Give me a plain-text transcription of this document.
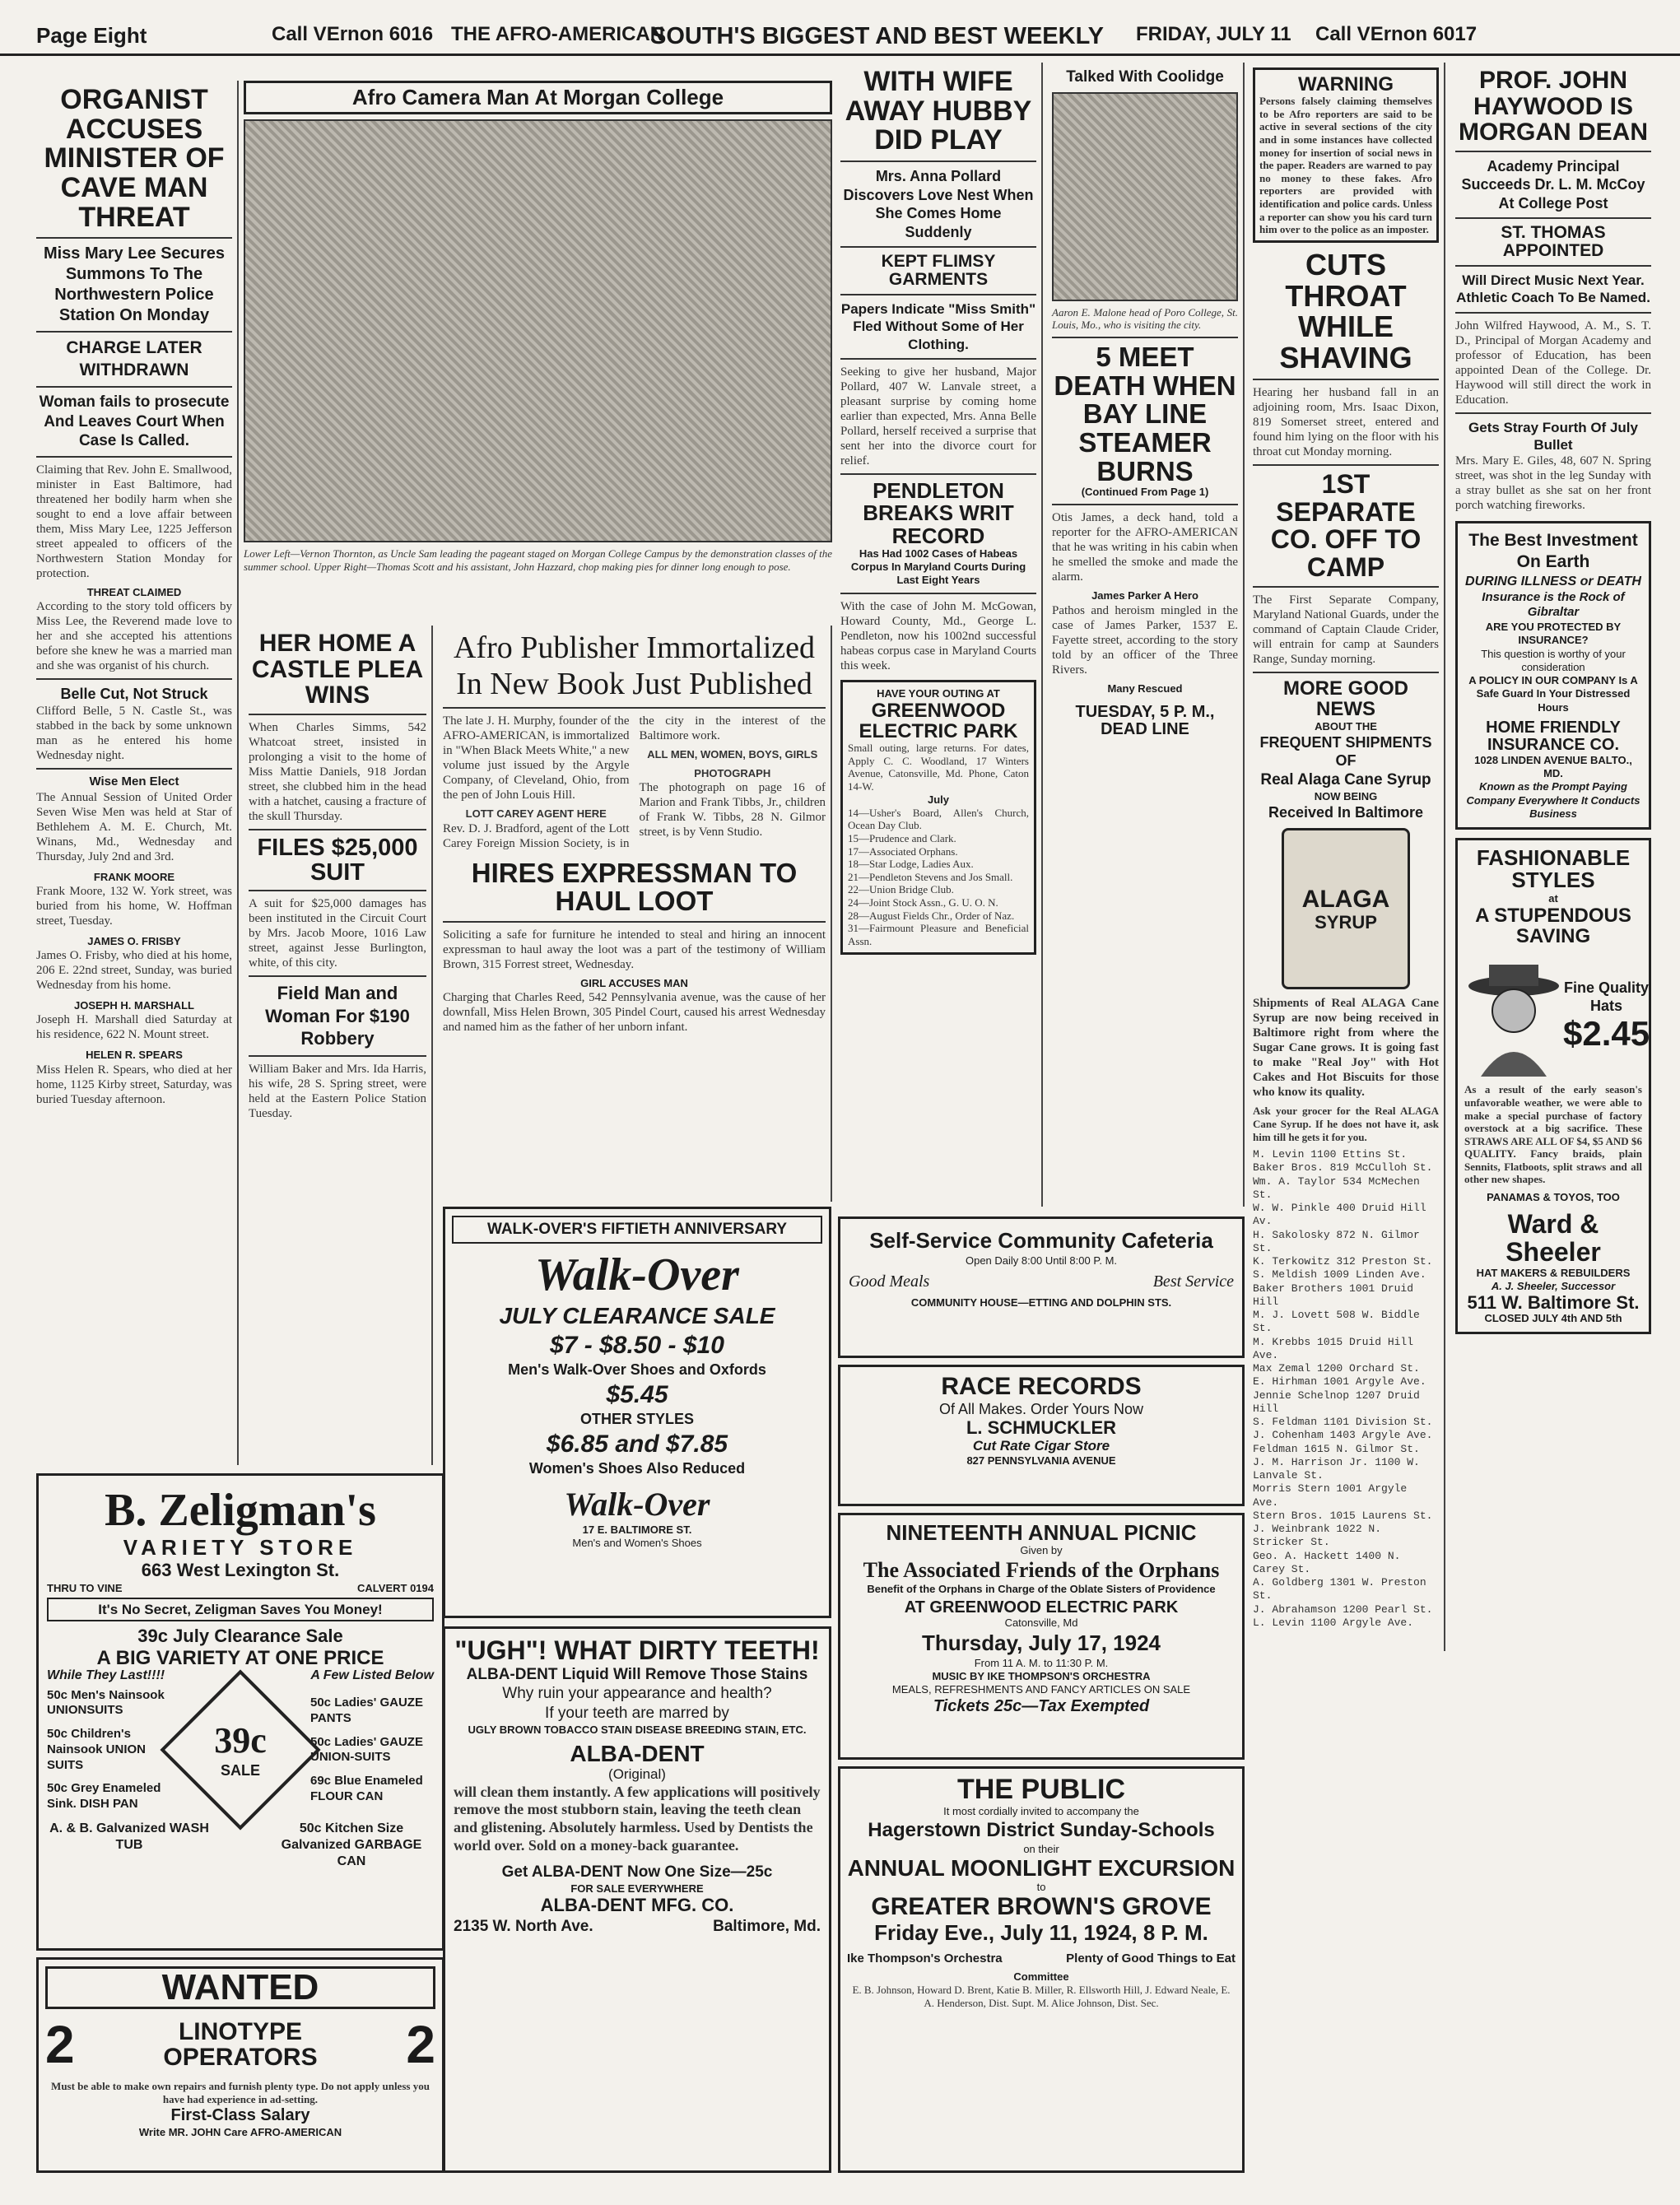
Page Eight	Call VErnon 6016 THE AFRO-AMERICAN
SOUTH'S BIGGEST AND BEST WEEKLY FRIDAY, JULY 11 Call VErnon 6017
ORGANIST ACCUSES MINISTER OF CAVE MAN THREAT
Miss Mary Lee Secures Summons To The Northwestern Police Station On Monday
CHARGE LATER WITHDRAWN
Woman fails to prosecute And Leaves Court When Case Is Called.
Claiming that Rev. John E. Smallwood, minister in East Baltimore, had threatened her bodily harm when she sought to end a love affair between them, Miss Mary Lee, 1225 Jefferson street appealed to officers of the Northwestern Station Monday for protection.
THREAT CLAIMED
According to the story told officers by Miss Lee, the Reverend made love to her and she accepted his attentions before she knew he was a married man and she was organist of his church.
Belle Cut, Not Struck
Clifford Belle, 5 N. Castle St., was stabbed in the back by some unknown man as he entered his home Wednesday night.
Wise Men Elect
The Annual Session of United Order Seven Wise Men was held at Star of Bethlehem A. M. E. Church, Mt. Winans, Md., Wednesday and Thursday, July 2nd and 3rd.
FRANK MOORE
Frank Moore, 132 W. York street, was buried from his home, W. Hoffman street, Tuesday.
JAMES O. FRISBY
James O. Frisby, who died at his home, 206 E. 22nd street, Sunday, was buried Wednesday from his home.
JOSEPH H. MARSHALL
Joseph H. Marshall died Saturday at his residence, 622 N. Mount street.
HELEN R. SPEARS
Miss Helen R. Spears, who died at her home, 1125 Kirby street, Saturday, was buried Tuesday afternoon.
Afro Camera Man At Morgan College
Lower Left—Vernon Thornton, as Uncle Sam leading the pageant staged on Morgan College Campus by the demonstration classes of the summer school. Upper Right—Thomas Scott and his assistant, John Hazzard, chop making pies for dinner long enough to pose.
HER HOME A CASTLE PLEA WINS
When Charles Simms, 542 Whatcoat street, insisted in prolonging a visit to the home of Miss Mattie Daniels, 918 Jordan street, she clubbed him in the head with a hatchet, causing a fracture of the skull Thursday.
FILES $25,000 SUIT
A suit for $25,000 damages has been instituted in the Circuit Court by Mrs. Jacob Moore, 1016 Law street, against Jesse Burlington, white, of this city.
Field Man and Woman For $190 Robbery
William Baker and Mrs. Ida Harris, his wife, 28 S. Spring street, were held at the Eastern Police Station Tuesday.
Afro Publisher Immortalized In New Book Just Published
The late J. H. Murphy, founder of the AFRO-AMERICAN, is immortalized in "When Black Meets White," a new volume just issued by the Argyle Company, of Cleveland, Ohio, from the pen of John Louis Hill.
LOTT CAREY AGENT HERE
Rev. D. J. Bradford, agent of the Lott Carey Foreign Mission Society, is in the city in the interest of the Baltimore work.
ALL MEN, WOMEN, BOYS, GIRLS
PHOTOGRAPH
The photograph on page 16 of Marion and Frank Tibbs, Jr., children of Frank W. Tibbs, 28 N. Gilmor street, is by Venn Studio.
HIRES EXPRESSMAN TO HAUL LOOT
Soliciting a safe for furniture he intended to steal and hiring an innocent expressman to haul away the loot was a part of the testimony of William Brown, 315 Forrest street, Wednesday.
GIRL ACCUSES MAN
Charging that Charles Reed, 542 Pennsylvania avenue, was the cause of her downfall, Miss Helen Brown, 305 Pindel Court, caused his arrest Wednesday and named him as the father of her unborn infant.
WITH WIFE AWAY HUBBY DID PLAY
Mrs. Anna Pollard Discovers Love Nest When She Comes Home Suddenly
KEPT FLIMSY GARMENTS
Papers Indicate "Miss Smith" Fled Without Some of Her Clothing.
Seeking to give her husband, Major Pollard, 407 W. Lanvale street, a pleasant surprise by coming home earlier than expected, Mrs. Anna Belle Pollard, herself received a surprise that sent her into the divorce court for relief.
PENDLETON BREAKS WRIT RECORD
Has Had 1002 Cases of Habeas Corpus In Maryland Courts During Last Eight Years
With the case of John M. McGowan, Howard County, Md., George L. Pendleton, now his 1002nd successful habeas corpus case in Maryland Courts this week.
HAVE YOUR OUTING AT
GREENWOOD ELECTRIC PARK
Small outing, large returns. For dates, Apply C. C. Woodland, 17 Winters Avenue, Catonsville, Md. Phone, Caton 14-W.
July
14—Usher's Board, Allen's Church, Ocean Day Club.
15—Prudence and Clark.
17—Associated Orphans.
18—Star Lodge, Ladies Aux.
21—Pendleton Stevens and Jos Small.
22—Union Bridge Club.
24—Joint Stock Assn., G. U. O. N.
28—August Fields Chr., Order of Naz.
31—Fairmount Pleasure and Beneficial Assn.
Talked With Coolidge
Aaron E. Malone head of Poro College, St. Louis, Mo., who is visiting the city.
5 MEET DEATH WHEN BAY LINE STEAMER BURNS
(Continued From Page 1)
Otis James, a deck hand, told a reporter for the AFRO-AMERICAN that he was writing in his cabin when he smelled the smoke and made the alarm.
James Parker A Hero
Pathos and heroism mingled in the case of James Parker, 1537 E. Fayette street, according to the story told by an officer of the Three Rivers.
Many Rescued
TUESDAY, 5 P. M., DEAD LINE
WARNING
Persons falsely claiming themselves to be Afro reporters are said to be active in several sections of the city and in some instances have collected money for insertion of social news in the paper. Readers are warned to pay no money to these fakes. Afro reporters are provided with identification and police cards. Unless a reporter can show you his card turn him over to the police as an imposter.
CUTS THROAT WHILE SHAVING
Hearing her husband fall in an adjoining room, Mrs. Isaac Dixon, 819 Somerset street, entered and found him lying on the floor with his throat cut Monday morning.
1ST SEPARATE CO. OFF TO CAMP
The First Separate Company, Maryland National Guards, under the command of Captain Claude Crider, will entrain for camp at Saunders Range, Sunday morning.
MORE GOOD NEWS
ABOUT THE
FREQUENT SHIPMENTS OF
Real Alaga Cane Syrup
NOW BEING
Received In Baltimore
ALAGA
SYRUP
Shipments of Real ALAGA Cane Syrup are now being received in Baltimore right from where the Sugar Cane grows. It is going fast to make "Real Joy" with Hot Cakes and Hot Biscuits for those who know its quality.
Ask your grocer for the Real ALAGA Cane Syrup. If he does not have it, ask him till he gets it for you.
M. Levin 1100 Ettins St.
Baker Bros. 819 McCulloh St.
Wm. A. Taylor 534 McMechen St.
W. W. Pinkle 400 Druid Hill Av.
H. Sakolosky 872 N. Gilmor St.
K. Terkowitz 312 Preston St.
S. Meldish 1009 Linden Ave.
Baker Brothers 1001 Druid Hill
M. J. Lovett 508 W. Biddle St.
M. Krebbs 1015 Druid Hill Ave.
Max Zemal 1200 Orchard St.
E. Hirhman 1001 Argyle Ave.
Jennie Schelnop 1207 Druid Hill
S. Feldman 1101 Division St.
J. Cohenham 1403 Argyle Ave.
Feldman 1615 N. Gilmor St.
J. M. Harrison Jr. 1100 W. Lanvale St.
Morris Stern 1001 Argyle Ave.
Stern Bros. 1015 Laurens St.
J. Weinbrank 1022 N. Stricker St.
Geo. A. Hackett 1400 N. Carey St.
A. Goldberg 1301 W. Preston St.
J. Abrahamson 1200 Pearl St.
L. Levin 1100 Argyle Ave.
PROF. JOHN HAYWOOD IS MORGAN DEAN
Academy Principal Succeeds Dr. L. M. McCoy At College Post
ST. THOMAS APPOINTED
Will Direct Music Next Year. Athletic Coach To Be Named.
John Wilfred Haywood, A. M., S. T. D., Principal of Morgan Academy and professor of Education, has been appointed Dean of the College. Dr. Haywood will still direct the work in Education.
Gets Stray Fourth Of July Bullet
Mrs. Mary E. Giles, 48, 607 N. Spring street, was shot in the leg Sunday with a stray bullet as she sat on her front porch watching fireworks.
The Best Investment On Earth
DURING ILLNESS or DEATH
Insurance is the Rock of Gibraltar
ARE YOU PROTECTED BY INSURANCE?
This question is worthy of your consideration
A POLICY IN OUR COMPANY Is A Safe Guard In Your Distressed Hours
HOME FRIENDLY INSURANCE CO.
1028 LINDEN AVENUE BALTO., MD.
Known as the Prompt Paying Company Everywhere It Conducts Business
FASHIONABLE STYLES
at
A STUPENDOUS SAVING
Fine Quality Hats
$2.45
As a result of the early season's unfavorable weather, we were able to make a special purchase of factory overstock at a big sacrifice. These STRAWS ARE ALL OF $4, $5 AND $6 QUALITY. Fancy braids, plain Sennits, Flatboots, split straws and all other new shapes.
PANAMAS & TOYOS, TOO
Ward & Sheeler
HAT MAKERS & REBUILDERS
A. J. Sheeler, Successor
511 W. Baltimore St.
CLOSED JULY 4th AND 5th
B. Zeligman's
VARIETY STORE
663 West Lexington St.
THRU TO VINE	CALVERT 0194
It's No Secret, Zeligman Saves You Money!
39c July Clearance Sale
A BIG VARIETY AT ONE PRICE
While They Last!!!!	A Few Listed Below
50c Men's Nainsook UNIONSUITS
50c Children's Nainsook UNION SUITS
50c Grey Enameled Sink. DISH PAN
39c
SALE
50c Ladies' GAUZE PANTS
50c Ladies' GAUZE UNION-SUITS
69c Blue Enameled FLOUR CAN
A. & B. Galvanized WASH TUB
50c Kitchen Size Galvanized GARBAGE CAN
WANTED
2	LINOTYPE OPERATORS	2
Must be able to make own repairs and furnish plenty type. Do not apply unless you have had experience in ad-setting.
First-Class Salary
Write MR. JOHN Care AFRO-AMERICAN
WALK-OVER'S FIFTIETH ANNIVERSARY
Walk-Over
JULY CLEARANCE SALE
$7 - $8.50 - $10
Men's Walk-Over Shoes and Oxfords
$5.45
OTHER STYLES
$6.85 and $7.85
Women's Shoes Also Reduced
Walk-Over
17 E. BALTIMORE ST.
Men's and Women's Shoes
"UGH"! WHAT DIRTY TEETH!
ALBA-DENT Liquid Will Remove Those Stains
Why ruin your appearance and health?
If your teeth are marred by
UGLY BROWN TOBACCO STAIN DISEASE BREEDING STAIN, ETC.
ALBA-DENT
(Original)
will clean them instantly. A few applications will positively remove the most stubborn stain, leaving the teeth clean and glistening. Absolutely harmless. Used by Dentists the world over. Sold on a money-back guarantee.
Get ALBA-DENT Now One Size—25c
FOR SALE EVERYWHERE
ALBA-DENT MFG. CO.
2135 W. North Ave.	Baltimore, Md.
Self-Service Community Cafeteria
Open Daily 8:00 Until 8:00 P. M.
Good Meals	Best Service
COMMUNITY HOUSE—ETTING AND DOLPHIN STS.
RACE RECORDS
Of All Makes. Order Yours Now
L. SCHMUCKLER
Cut Rate Cigar Store
827 PENNSYLVANIA AVENUE
NINETEENTH ANNUAL PICNIC
Given by
The Associated Friends of the Orphans
Benefit of the Orphans in Charge of the Oblate Sisters of Providence
AT GREENWOOD ELECTRIC PARK
Catonsville, Md
Thursday, July 17, 1924
From 11 A. M. to 11:30 P. M.
MUSIC BY IKE THOMPSON'S ORCHESTRA
MEALS, REFRESHMENTS AND FANCY ARTICLES ON SALE
Tickets 25c—Tax Exempted
THE PUBLIC
It most cordially invited to accompany the
Hagerstown District Sunday-Schools
on their
ANNUAL MOONLIGHT EXCURSION
to
GREATER BROWN'S GROVE
Friday Eve., July 11, 1924, 8 P. M.
Ike Thompson's Orchestra	Plenty of Good Things to Eat
Committee
E. B. Johnson, Howard D. Brent, Katie B. Miller, R. Ellsworth Hill, J. Edward Neale, E. A. Henderson, Dist. Supt. M. Alice Johnson, Dist. Sec.
